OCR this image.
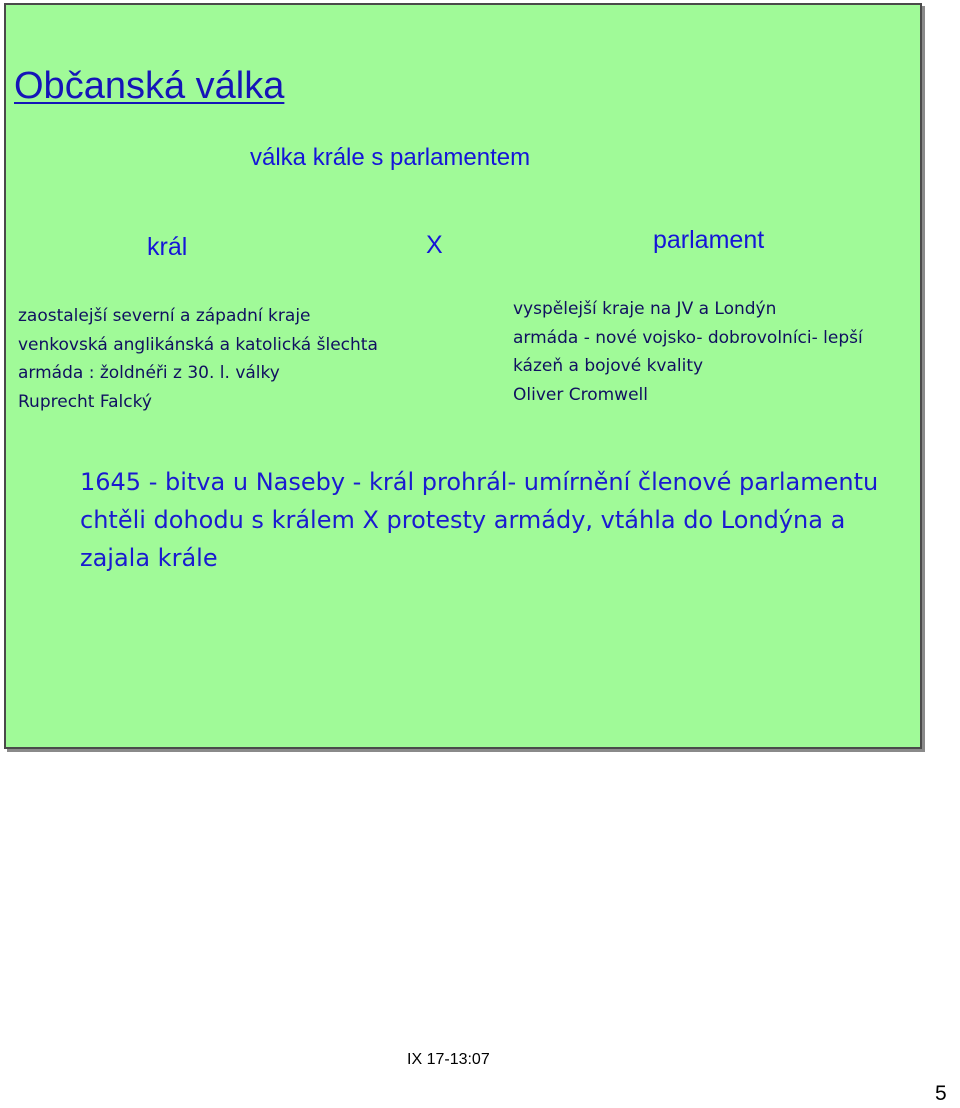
Občanská válka
válka krále s parlamentem
král	X	parlament
zaostalejší severní a západní kraje
venkovská anglikánská a katolická šlechta
armáda : žoldnéři z 30. l. války
Ruprecht Falcký
vyspělejší kraje na JV a Londýn
armáda - nové vojsko- dobrovolníci- lepší
kázeň a bojové kvality
Oliver Cromwell

1645 - bitva u Naseby - král prohrál- umírnění členové parlamentu chtěli dohodu s králem X protesty armády, vtáhla do Londýna a zajala krále

IX 17-13:07
5
